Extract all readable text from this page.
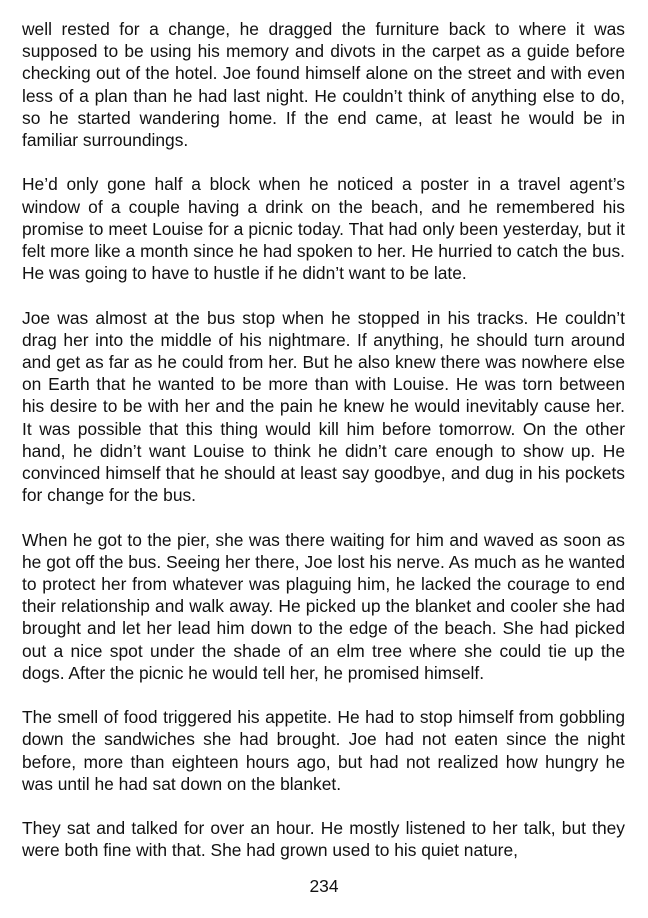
well rested for a change, he dragged the furniture back to where it was supposed to be using his memory and divots in the carpet as a guide before checking out of the hotel. Joe found himself alone on the street and with even less of a plan than he had last night. He couldn’t think of anything else to do, so he started wandering home. If the end came, at least he would be in familiar surroundings.

He’d only gone half a block when he noticed a poster in a travel agent’s window of a couple having a drink on the beach, and he remembered his promise to meet Louise for a picnic today. That had only been yesterday, but it felt more like a month since he had spoken to her. He hurried to catch the bus. He was going to have to hustle if he didn’t want to be late.

Joe was almost at the bus stop when he stopped in his tracks. He couldn’t drag her into the middle of his nightmare. If anything, he should turn around and get as far as he could from her. But he also knew there was nowhere else on Earth that he wanted to be more than with Louise. He was torn between his desire to be with her and the pain he knew he would inevitably cause her. It was possible that this thing would kill him before tomorrow. On the other hand, he didn’t want Louise to think he didn’t care enough to show up. He convinced himself that he should at least say goodbye, and dug in his pockets for change for the bus.

When he got to the pier, she was there waiting for him and waved as soon as he got off the bus. Seeing her there, Joe lost his nerve. As much as he wanted to protect her from whatever was plaguing him, he lacked the courage to end their relationship and walk away. He picked up the blanket and cooler she had brought and let her lead him down to the edge of the beach. She had picked out a nice spot under the shade of an elm tree where she could tie up the dogs. After the picnic he would tell her, he promised himself.

The smell of food triggered his appetite. He had to stop himself from gobbling down the sandwiches she had brought. Joe had not eaten since the night before, more than eighteen hours ago, but had not realized how hungry he was until he had sat down on the blanket.

They sat and talked for over an hour. He mostly listened to her talk, but they were both fine with that. She had grown used to his quiet nature,

234
